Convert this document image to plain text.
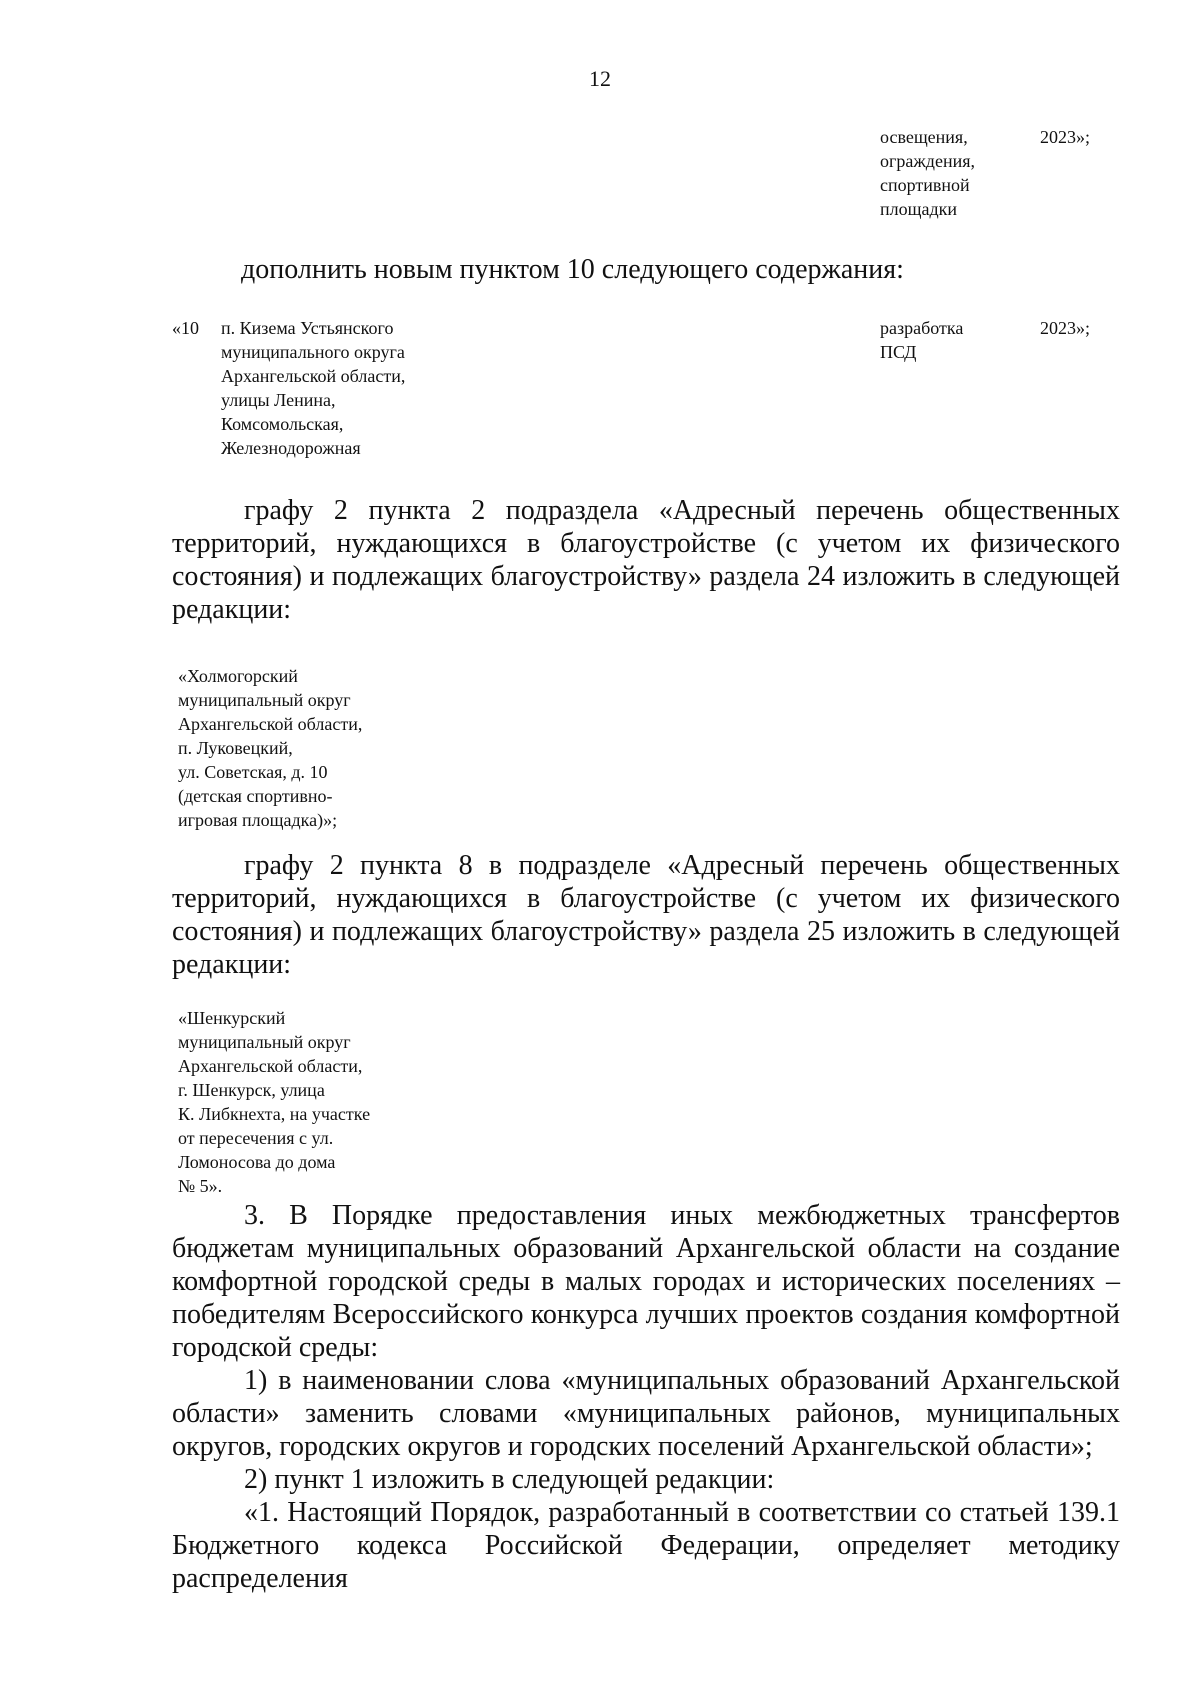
12
освещения,
ограждения,
спортивной
площадки
2023»;
дополнить новым пунктом 10 следующего содержания:
«10 п. Кизема Устьянского
муниципального округа
Архангельской области,
улицы Ленина,
Комсомольская,
Железнодорожная
разработка
ПСД
2023»;
графу 2 пункта 2 подраздела «Адресный перечень общественных
территорий, нуждающихся в благоустройстве (с учетом их физического
состояния) и подлежащих благоустройству» раздела 24 изложить в следующей
редакции:
«Холмогорский
муниципальный округ
Архангельской области,
п. Луковецкий,
ул. Советская, д. 10
(детская спортивно-
игровая площадка)»;
графу 2 пункта 8 в подразделе «Адресный перечень общественных
территорий, нуждающихся в благоустройстве (с учетом их физического
состояния) и подлежащих благоустройству» раздела 25 изложить в следующей
редакции:
«Шенкурский
муниципальный округ
Архангельской области,
г. Шенкурск, улица
К. Либкнехта, на участке
от пересечения с ул.
Ломоносова до дома
№ 5».
3. В Порядке предоставления иных межбюджетных трансфертов
бюджетам муниципальных образований Архангельской области на создание
комфортной городской среды в малых городах и исторических поселениях –
победителям Всероссийского конкурса лучших проектов создания комфортной
городской среды:
1) в наименовании слова «муниципальных образований Архангельской
области» заменить словами «муниципальных районов, муниципальных
округов, городских округов и городских поселений Архангельской области»;
2) пункт 1 изложить в следующей редакции:
«1. Настоящий Порядок, разработанный в соответствии со статьей 139.1
Бюджетного кодекса Российской Федерации, определяет методику распределения
